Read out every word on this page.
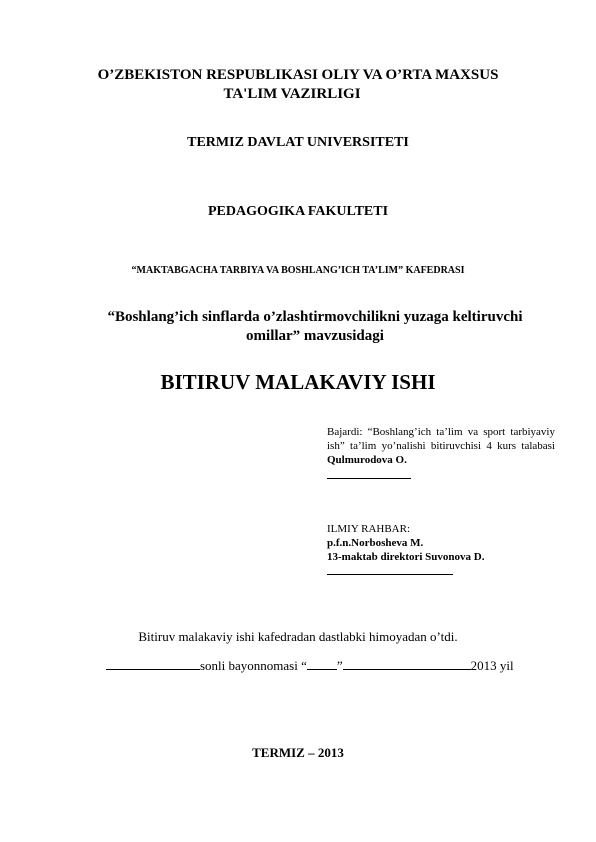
O’ZBEKISTON RESPUBLIKASI OLIY VA O’RTA MAXSUS

TA'LIM VAZIRLIGI
TERMIZ DAVLAT UNIVERSITETI
PEDAGOGIKA FAKULTETI
“MAKTABGACHA TARBIYA VA BOSHLANG’ICH TA’LIM” KAFEDRASI
“Boshlang’ich sinflarda o’zlashtirmovchilikni yuzaga keltiruvchi
omillar” mavzusidagi
BITIRUV MALAKAVIY ISHI
Bajardi: “Boshlang’ich ta’lim va sport tarbiyaviy ish” ta’lim yo’nalishi bitiruvchisi 4 kurs talabasi Qulmurodova O.
ILMIY RAHBAR:
p.f.n.Norbosheva M.
13-maktab direktori Suvonova D.
Bitiruv malakaviy ishi kafedradan dastlabki himoyadan o’tdi.
sonli bayonnomasi “ ”	2013 yil
TERMIZ – 2013
